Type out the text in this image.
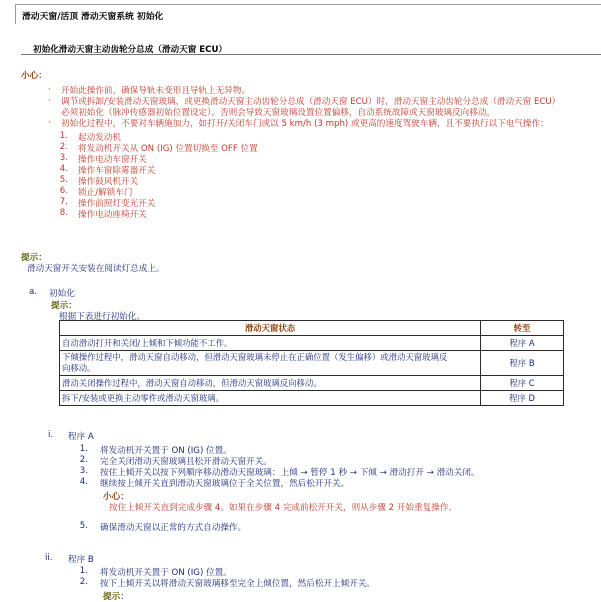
滑动天窗/活顶 滑动天窗系统 初始化
初始化滑动天窗主动齿轮分总成（滑动天窗 ECU）
小心：
· 开始此操作前，确保导轨未变形且导轨上无异物。
· 调节或拆卸/安装滑动天窗玻璃，或更换滑动天窗主动齿轮分总成（滑动天窗 ECU）时，滑动天窗主动齿轮分总成（滑动天窗 ECU）
必须初始化（脉冲传感器初始位置设定）。否则会导致天窗玻璃设置位置偏移，自动系统故障或天窗玻璃反向移动。
· 初始化过程中，不要对车辆施加力，如打开/关闭车门或以 5 km/h (3 mph) 或更高的速度驾驶车辆，且不要执行以下电气操作：
1. 起动发动机
2. 将发动机开关从 ON (IG) 位置切换至 OFF 位置
3. 操作电动车窗开关
4. 操作车窗除雾器开关
5. 操作鼓风机开关
6. 锁止/解锁车门
7. 操作前照灯变光开关
8. 操作电动座椅开关
提示：
滑动天窗开关安装在阅读灯总成上。
a. 初始化
提示：
根据下表进行初始化。
滑动天窗状态	转至
自动滑动打开和关闭/上倾和下倾功能不工作。	程序 A
下倾操作过程中，滑动天窗自动移动，但滑动天窗玻璃未停止在正确位置（发生偏移）或滑动天窗玻璃反
向移动。	程序 B
滑动关闭操作过程中，滑动天窗自动移动，但滑动天窗玻璃反向移动。	程序 C
拆下/安装或更换主动零件或滑动天窗玻璃。	程序 D
i. 程序 A
1. 将发动机开关置于 ON (IG) 位置。
2. 完全关闭滑动天窗玻璃且松开滑动天窗开关。
3. 按住上倾开关以按下列顺序移动滑动天窗玻璃：上倾 → 暂停 1 秒 → 下倾 → 滑动打开 → 滑动关闭。
4. 继续按上倾开关直到滑动天窗玻璃位于全关位置，然后松开开关。
小心：
按住上倾开关直到完成步骤 4。如果在步骤 4 完成前松开开关，则从步骤 2 开始重复操作。
5. 确保滑动天窗以正常的方式自动操作。
ii. 程序 B
1. 将发动机开关置于 ON (IG) 位置。
2. 按下上倾开关以将滑动天窗玻璃移至完全上倾位置，然后松开上倾开关。
提示：
